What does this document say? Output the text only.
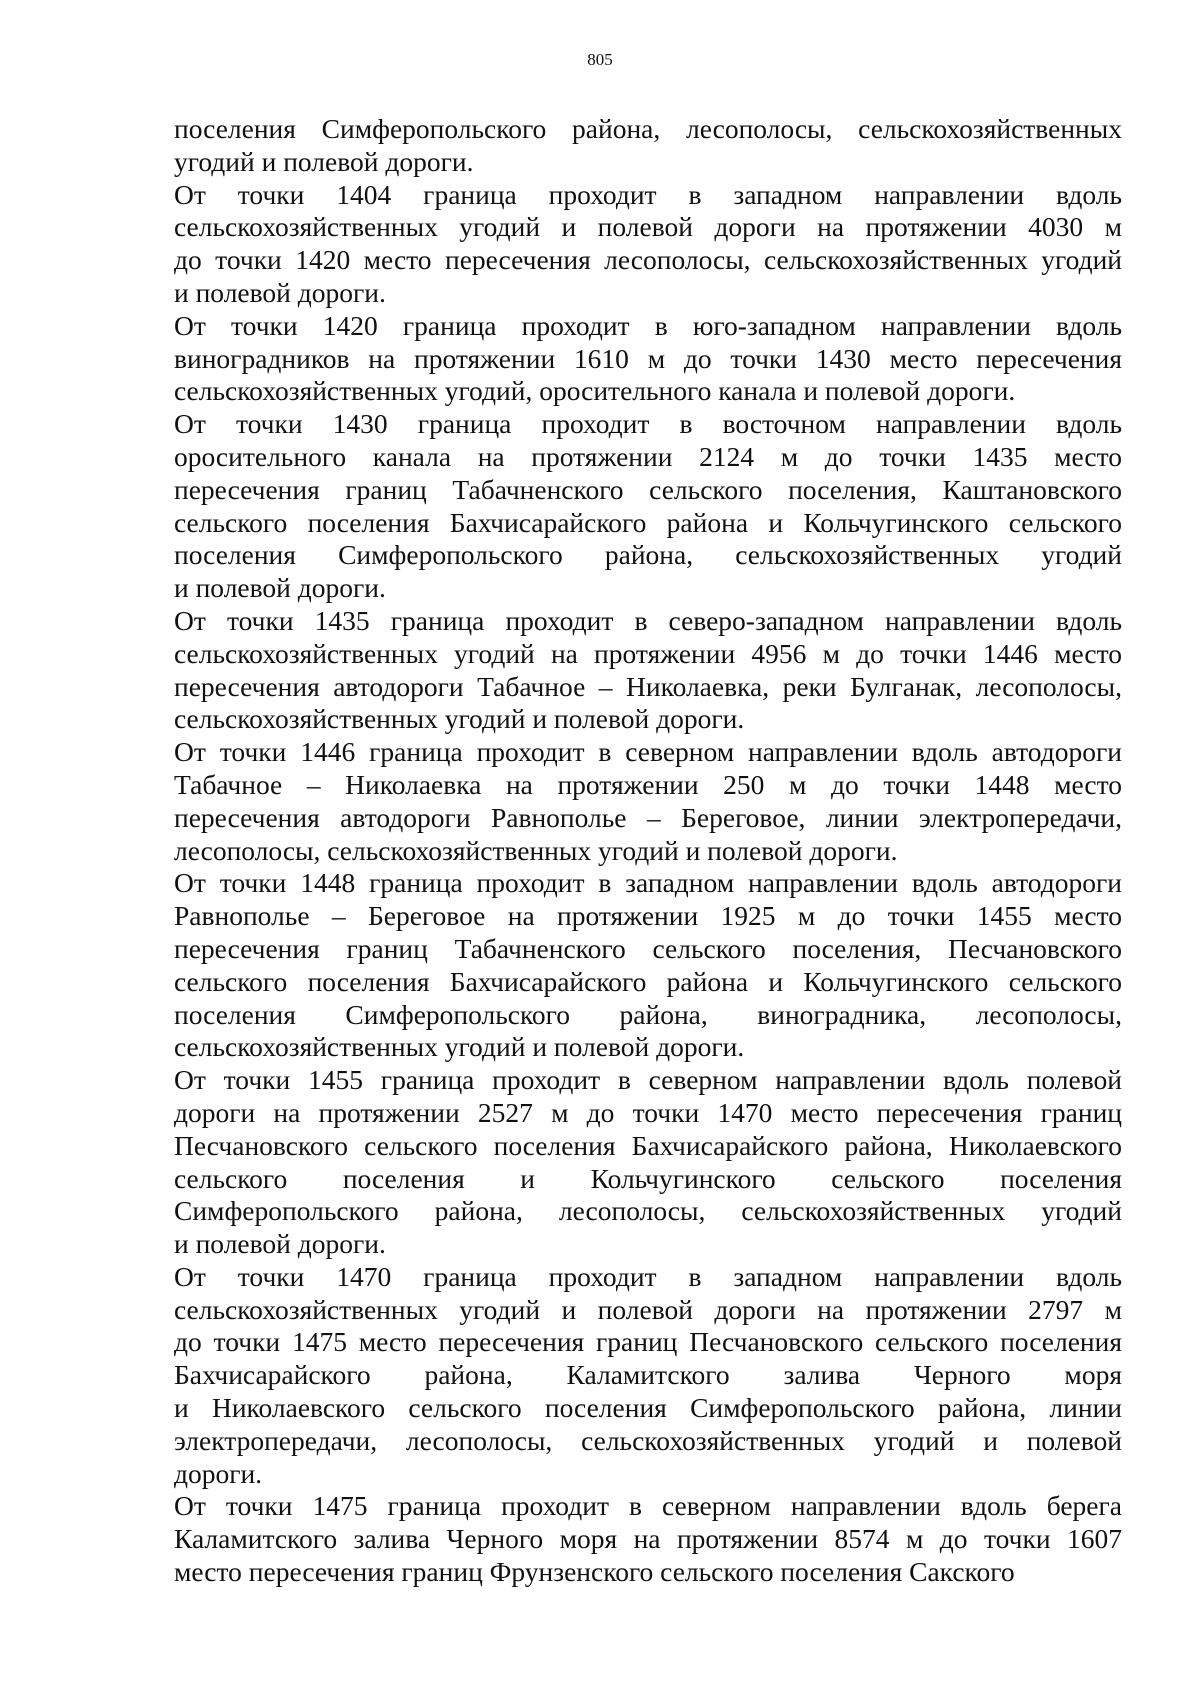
805
поселения Симферопольского района, лесополосы, сельскохозяйственных
угодий и полевой дороги.
От точки 1404 граница проходит в западном направлении вдоль
сельскохозяйственных угодий и полевой дороги на протяжении 4030 м
до точки 1420 место пересечения лесополосы, сельскохозяйственных угодий
и полевой дороги.
От точки 1420 граница проходит в юго-западном направлении вдоль
виноградников на протяжении 1610 м до точки 1430 место пересечения
сельскохозяйственных угодий, оросительного канала и полевой дороги.
От точки 1430 граница проходит в восточном направлении вдоль
оросительного канала на протяжении 2124 м до точки 1435 место
пересечения границ Табачненского сельского поселения, Каштановского
сельского поселения Бахчисарайского района и Кольчугинского сельского
поселения Симферопольского района, сельскохозяйственных угодий
и полевой дороги.
От точки 1435 граница проходит в северо-западном направлении вдоль
сельскохозяйственных угодий на протяжении 4956 м до точки 1446 место
пересечения автодороги Табачное – Николаевка, реки Булганак, лесополосы,
сельскохозяйственных угодий и полевой дороги.
От точки 1446 граница проходит в северном направлении вдоль автодороги
Табачное – Николаевка на протяжении 250 м до точки 1448 место
пересечения автодороги Равнополье – Береговое, линии электропередачи,
лесополосы, сельскохозяйственных угодий и полевой дороги.
От точки 1448 граница проходит в западном направлении вдоль автодороги
Равнополье – Береговое на протяжении 1925 м до точки 1455 место
пересечения границ Табачненского сельского поселения, Песчановского
сельского поселения Бахчисарайского района и Кольчугинского сельского
поселения Симферопольского района, виноградника, лесополосы,
сельскохозяйственных угодий и полевой дороги.
От точки 1455 граница проходит в северном направлении вдоль полевой
дороги на протяжении 2527 м до точки 1470 место пересечения границ
Песчановского сельского поселения Бахчисарайского района, Николаевского
сельского поселения и Кольчугинского сельского поселения
Симферопольского района, лесополосы, сельскохозяйственных угодий
и полевой дороги.
От точки 1470 граница проходит в западном направлении вдоль
сельскохозяйственных угодий и полевой дороги на протяжении 2797 м
до точки 1475 место пересечения границ Песчановского сельского поселения
Бахчисарайского района, Каламитского залива Черного моря
и Николаевского сельского поселения Симферопольского района, линии
электропередачи, лесополосы, сельскохозяйственных угодий и полевой
дороги.
От точки 1475 граница проходит в северном направлении вдоль берега
Каламитского залива Черного моря на протяжении 8574 м до точки 1607
место пересечения границ Фрунзенского сельского поселения Сакского
